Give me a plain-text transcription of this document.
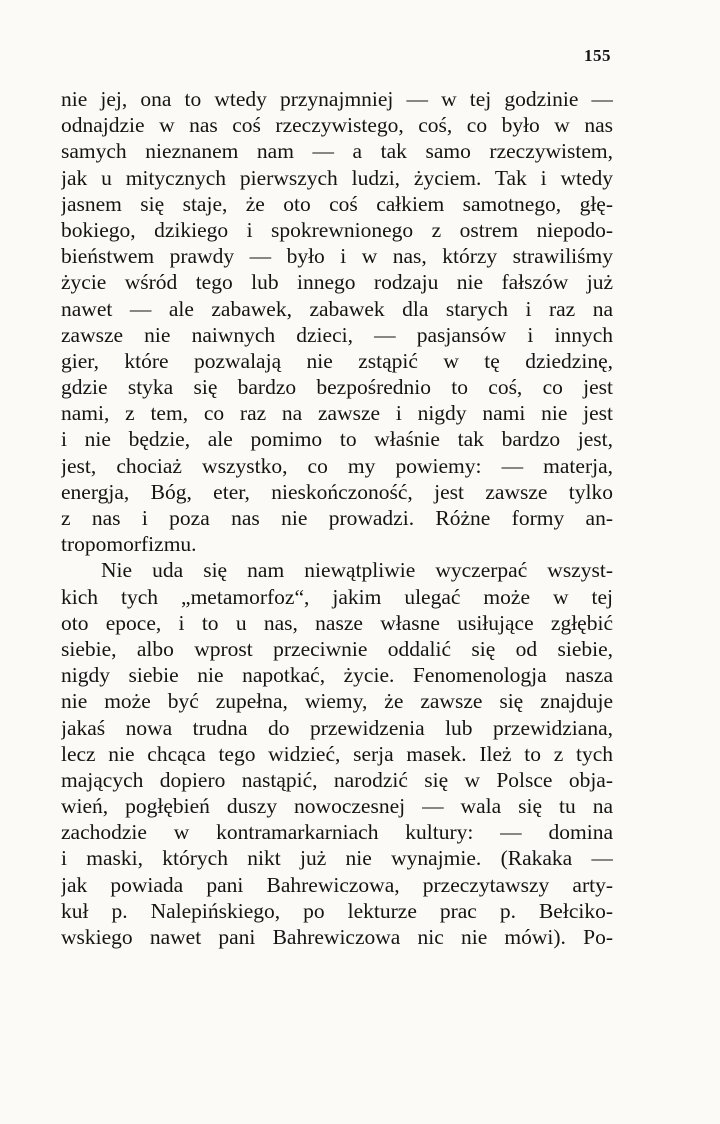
155
nie jej, ona to wtedy przynajmniej — w tej godzinie —
odnajdzie w nas coś rzeczywistego, coś, co było w nas
samych nieznanem nam — a tak samo rzeczywistem,
jak u mitycznych pierwszych ludzi, życiem. Tak i wtedy
jasnem się staje, że oto coś całkiem samotnego, głę-
bokiego, dzikiego i spokrewnionego z ostrem niepodo-
bieństwem prawdy — było i w nas, którzy strawiliśmy
życie wśród tego lub innego rodzaju nie fałszów już
nawet — ale zabawek, zabawek dla starych i raz na
zawsze nie naiwnych dzieci, — pasjansów i innych
gier, które pozwalają nie zstąpić w tę dziedzinę,
gdzie styka się bardzo bezpośrednio to coś, co jest
nami, z tem, co raz na zawsze i nigdy nami nie jest
i nie będzie, ale pomimo to właśnie tak bardzo jest,
jest, chociaż wszystko, co my powiemy: — materja,
energja, Bóg, eter, nieskończoność, jest zawsze tylko
z nas i poza nas nie prowadzi. Różne formy an-
tropomorfizmu.
Nie uda się nam niewątpliwie wyczerpać wszyst-
kich tych „metamorfoz“, jakim ulegać może w tej
oto epoce, i to u nas, nasze własne usiłujące zgłębić
siebie, albo wprost przeciwnie oddalić się od siebie,
nigdy siebie nie napotkać, życie. Fenomenologja nasza
nie może być zupełna, wiemy, że zawsze się znajduje
jakaś nowa trudna do przewidzenia lub przewidziana,
lecz nie chcąca tego widzieć, serja masek. Ileż to z tych
mających dopiero nastąpić, narodzić się w Polsce obja-
wień, pogłębień duszy nowoczesnej — wala się tu na
zachodzie w kontramarkarniach kultury: — domina
i maski, których nikt już nie wynajmie. (Rakaka —
jak powiada pani Bahrewiczowa, przeczytawszy arty-
kuł p. Nalepińskiego, po lekturze prac p. Bełciko-
wskiego nawet pani Bahrewiczowa nic nie mówi). Po-
